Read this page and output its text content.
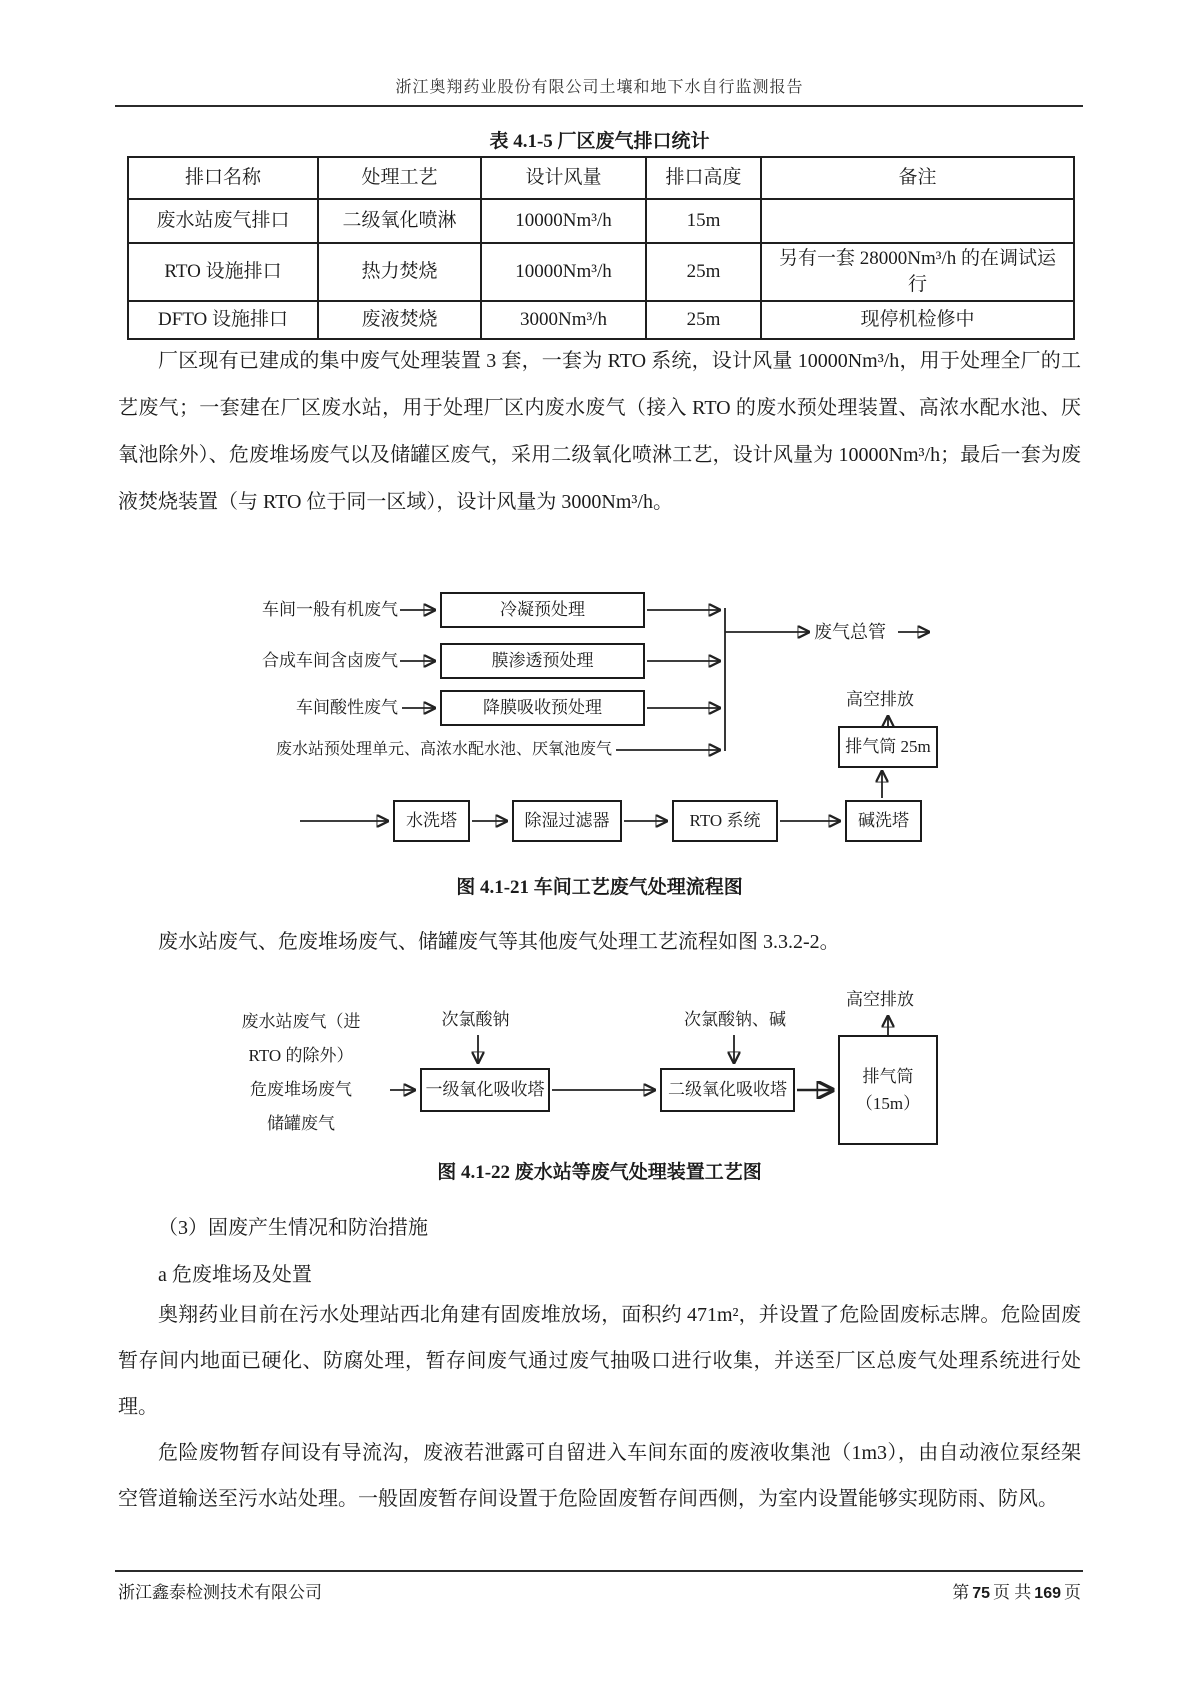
浙江奥翔药业股份有限公司土壤和地下水自行监测报告
表 4.1-5 厂区废气排口统计
排口名称	处理工艺	设计风量	排口高度	备注
废水站废气排口	二级氧化喷淋	10000Nm³/h	15m	
RTO 设施排口	热力焚烧	10000Nm³/h	25m	另有一套 28000Nm³/h 的在调试运行
DFTO 设施排口	废液焚烧	3000Nm³/h	25m	现停机检修中
厂区现有已建成的集中废气处理装置 3 套，一套为 RTO 系统，设计风量 10000Nm³/h，用于处理全厂的工艺废气；一套建在厂区废水站，用于处理厂区内废水废气（接入 RTO 的废水预处理装置、高浓水配水池、厌氧池除外）、危废堆场废气以及储罐区废气，采用二级氧化喷淋工艺，设计风量为 10000Nm³/h；最后一套为废液焚烧装置（与 RTO 位于同一区域），设计风量为 3000Nm³/h。
车间一般有机废气
合成车间含卤废气
车间酸性废气
废水站预处理单元、高浓水配水池、厌氧池废气
冷凝预处理
膜渗透预处理
降膜吸收预处理
废气总管
高空排放
排气筒 25m
水洗塔	除湿过滤器	RTO 系统	碱洗塔
图 4.1-21 车间工艺废气处理流程图
废水站废气、危废堆场废气、储罐废气等其他废气处理工艺流程如图 3.3.2-2。
高空排放
废水站废气（进
RTO 的除外）
危废堆场废气
储罐废气
次氯酸钠	次氯酸钠、碱
一级氧化吸收塔	二级氧化吸收塔
排气筒
（15m）
图 4.1-22 废水站等废气处理装置工艺图
（3）固废产生情况和防治措施
a 危废堆场及处置
奥翔药业目前在污水处理站西北角建有固废堆放场，面积约 471m²，并设置了危险固废标志牌。危险固废暂存间内地面已硬化、防腐处理，暂存间废气通过废气抽吸口进行收集，并送至厂区总废气处理系统进行处理。
危险废物暂存间设有导流沟，废液若泄露可自留进入车间东面的废液收集池（1m3），由自动液位泵经架空管道输送至污水站处理。一般固废暂存间设置于危险固废暂存间西侧，为室内设置能够实现防雨、防风。
浙江鑫泰检测技术有限公司	第 75 页 共 169 页
